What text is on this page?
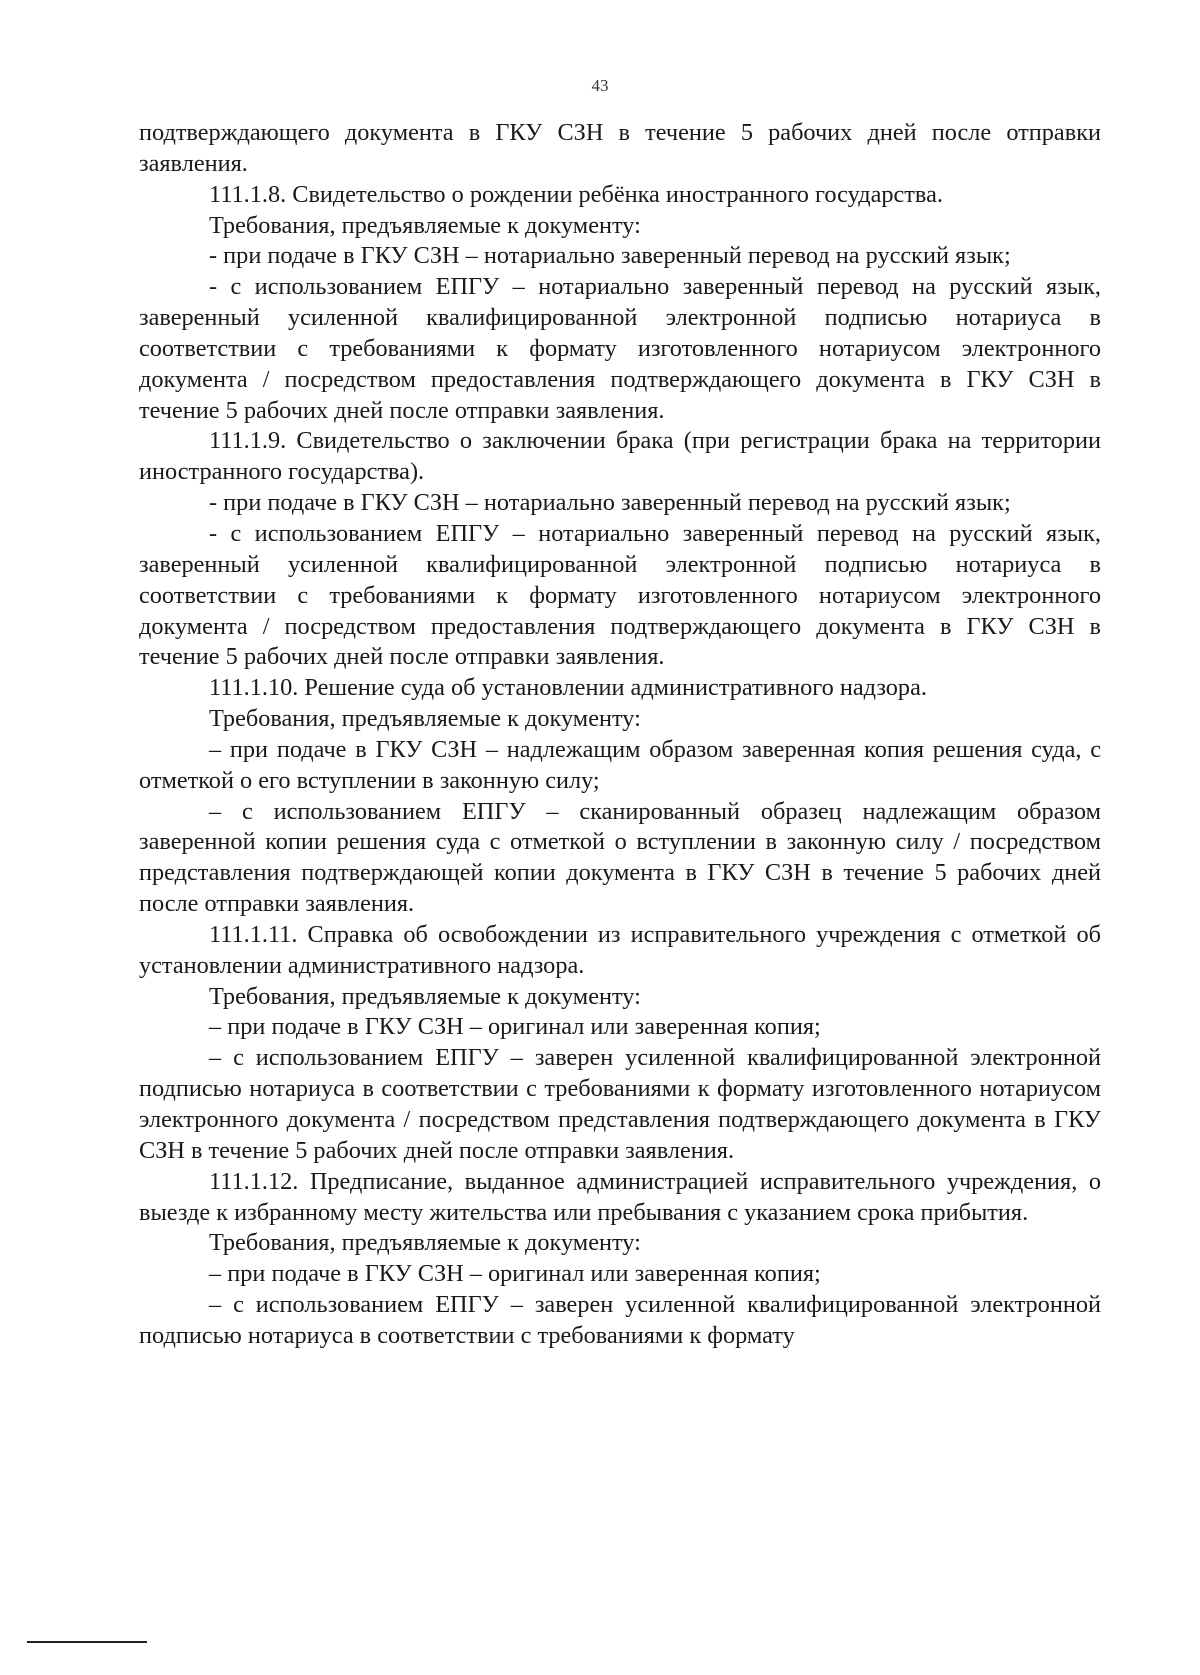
43

подтверждающего документа в ГКУ СЗН в течение 5 рабочих дней после отправки заявления.

111.1.8. Свидетельство о рождении ребёнка иностранного государства.

Требования, предъявляемые к документу:

- при подаче в ГКУ СЗН – нотариально заверенный перевод на русский язык;

- с использованием ЕПГУ – нотариально заверенный перевод на русский язык, заверенный усиленной квалифицированной электронной подписью нотариуса в соответствии с требованиями к формату изготовленного нотариусом электронного документа / посредством предоставления подтверждающего документа в ГКУ СЗН в течение 5 рабочих дней после отправки заявления.

111.1.9. Свидетельство о заключении брака (при регистрации брака на территории иностранного государства).

- при подаче в ГКУ СЗН – нотариально заверенный перевод на русский язык;

- с использованием ЕПГУ – нотариально заверенный перевод на русский язык, заверенный усиленной квалифицированной электронной подписью нотариуса в соответствии с требованиями к формату изготовленного нотариусом электронного документа / посредством предоставления подтверждающего документа в ГКУ СЗН в течение 5 рабочих дней после отправки заявления.

111.1.10. Решение суда об установлении административного надзора.

Требования, предъявляемые к документу:

– при подаче в ГКУ СЗН – надлежащим образом заверенная копия решения суда, с отметкой о его вступлении в законную силу;

– с использованием ЕПГУ – сканированный образец надлежащим образом заверенной копии решения суда с отметкой о вступлении в законную силу / посредством представления подтверждающей копии документа в ГКУ СЗН в течение 5 рабочих дней после отправки заявления.

111.1.11. Справка об освобождении из исправительного учреждения с отметкой об установлении административного надзора.

Требования, предъявляемые к документу:

– при подаче в ГКУ СЗН – оригинал или заверенная копия;

– с использованием ЕПГУ – заверен усиленной квалифицированной электронной подписью нотариуса в соответствии с требованиями к формату изготовленного нотариусом электронного документа / посредством представления подтверждающего документа в ГКУ СЗН в течение 5 рабочих дней после отправки заявления.

111.1.12. Предписание, выданное администрацией исправительного учреждения, о выезде к избранному месту жительства или пребывания с указанием срока прибытия.

Требования, предъявляемые к документу:

– при подаче в ГКУ СЗН – оригинал или заверенная копия;

– с использованием ЕПГУ – заверен усиленной квалифицированной электронной подписью нотариуса в соответствии с требованиями к формату
